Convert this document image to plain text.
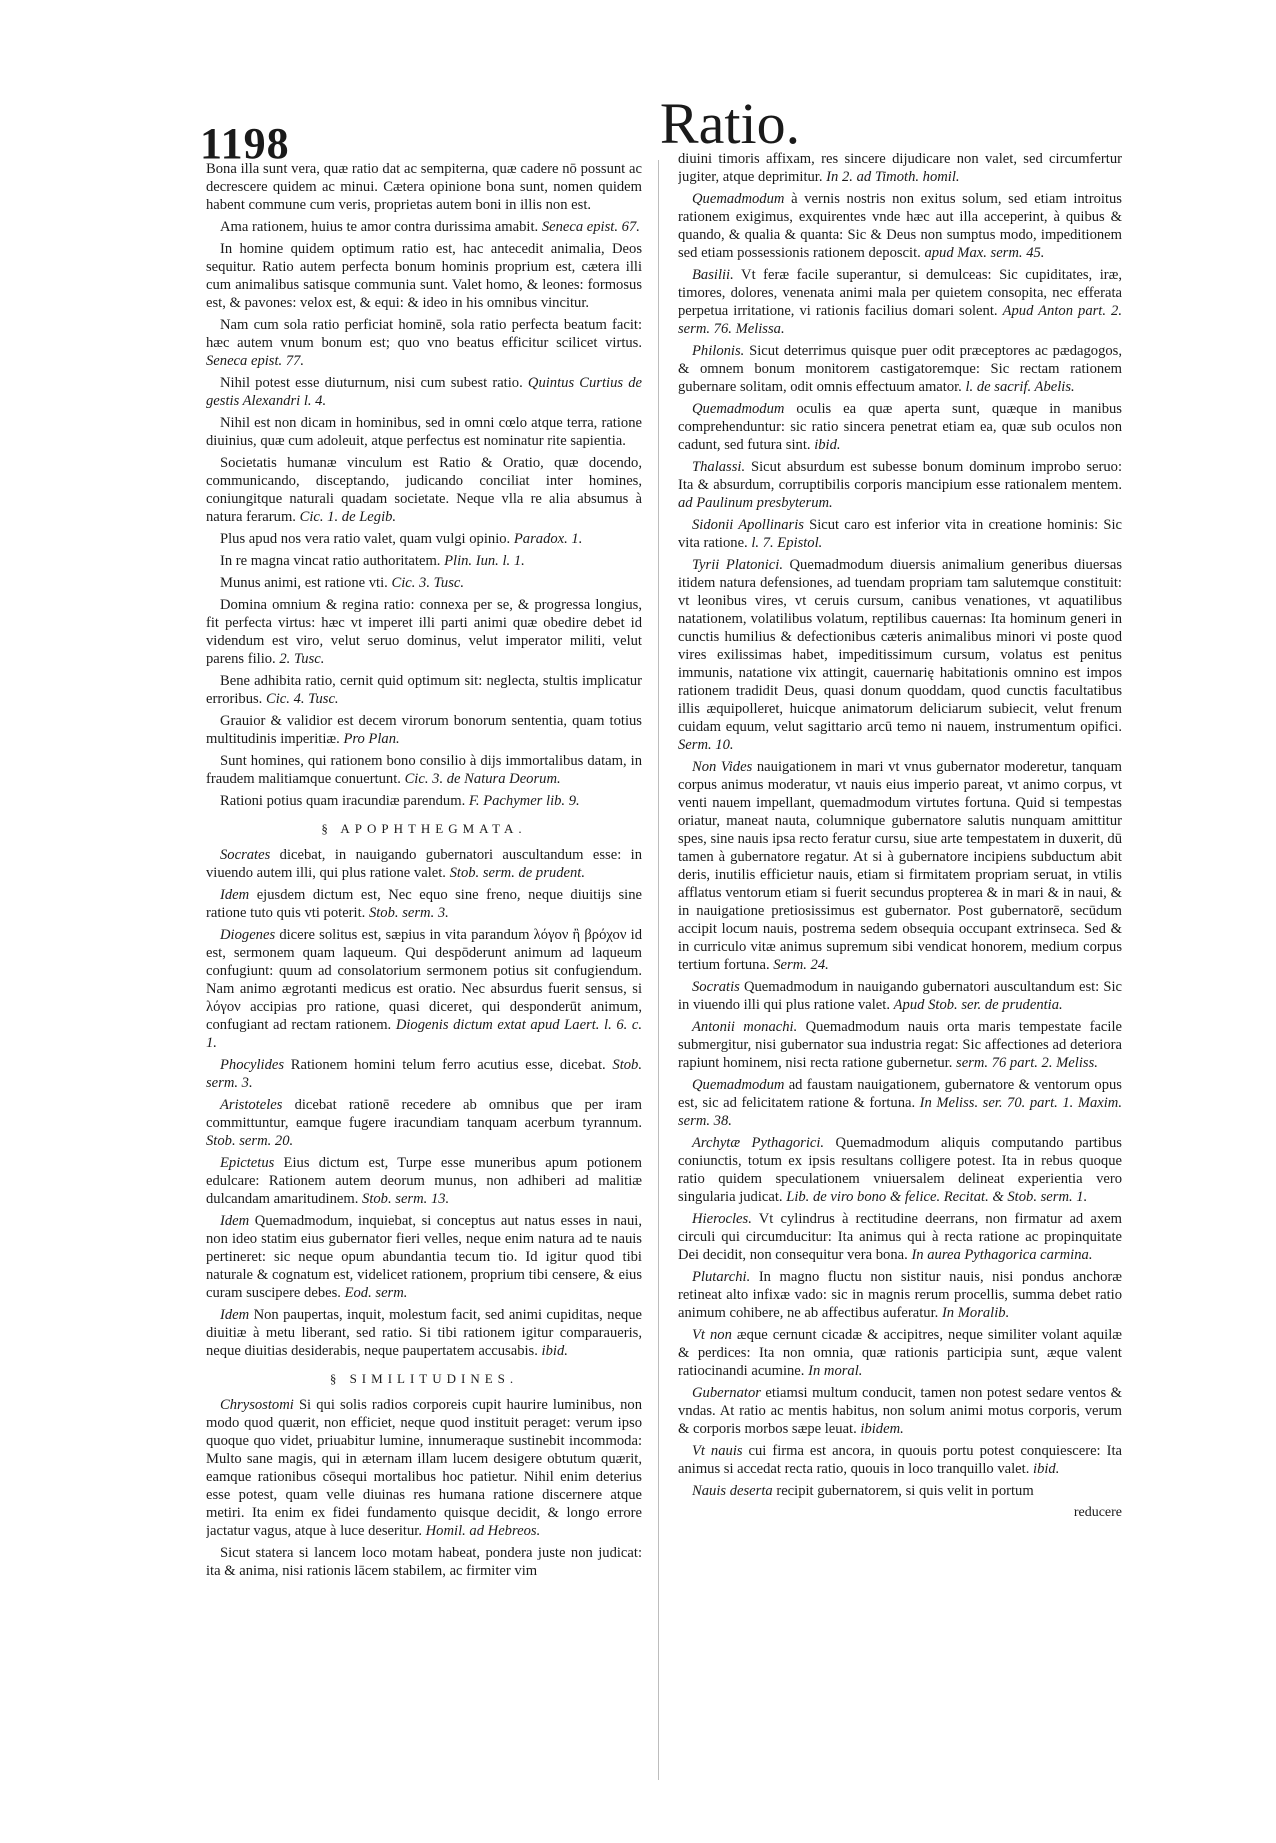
1198	Ratio.

Bona illa sunt vera, quæ ratio dat ac sempiterna, quæ cadere nō possunt ac decrescere quidem ac minui. Cætera opinione bona sunt, nomen quidem habent commune cum veris, proprietas autem boni in illis non est.

Ama rationem, huius te amor contra durissima amabit. Seneca epist. 67.

In homine quidem optimum ratio est, hac antecedit animalia, Deos sequitur. Ratio autem perfecta bonum hominis proprium est, cætera illi cum animalibus satisque communia sunt. Valet homo, & leones: formosus est, & pavones: velox est, & equi: & ideo in his omnibus vincitur.

Nam cum sola ratio perficiat hominē, sola ratio perfecta beatum facit: hæc autem vnum bonum est; quo vno beatus efficitur scilicet virtus. Seneca epist. 77.

Nihil potest esse diuturnum, nisi cum subest ratio. Quintus Curtius de gestis Alexandri l. 4.

Nihil est non dicam in hominibus, sed in omni cœlo atque terra, ratione diuinius, quæ cum adoleuit, atque perfectus est nominatur rite sapientia.

Societatis humanæ vinculum est Ratio & Oratio, quæ docendo, communicando, disceptando, judicando conciliat inter homines, coniungitque naturali quadam societate. Neque vlla re alia absumus à natura ferarum. Cic. 1. de Legib.

Plus apud nos vera ratio valet, quam vulgi opinio. Paradox. 1.

In re magna vincat ratio authoritatem. Plin. Iun. l. 1.

Munus animi, est ratione vti. Cic. 3. Tusc.

Domina omnium & regina ratio: connexa per se, & progressa longius, fit perfecta virtus: hæc vt imperet illi parti animi quæ obedire debet id videndum est viro, velut seruo dominus, velut imperator militi, velut parens filio. 2. Tusc.

Bene adhibita ratio, cernit quid optimum sit: neglecta, stultis implicatur erroribus. Cic. 4. Tusc.

Grauior & validior est decem virorum bonorum sententia, quam totius multitudinis imperitiæ. Pro Plan.

Sunt homines, qui rationem bono consilio à dijs immortalibus datam, in fraudem malitiamque conuertunt. Cic. 3. de Natura Deorum.

Rationi potius quam iracundiæ parendum. F. Pachymer lib. 9.

§ APOPHTHEGMATA.

Socrates dicebat, in nauigando gubernatori auscultandum esse: in viuendo autem illi, qui plus ratione valet. Stob. serm. de prudent.

Idem ejusdem dictum est, Nec equo sine freno, neque diuitijs sine ratione tuto quis vti poterit. Stob. serm. 3.

Diogenes dicere solitus est, sæpius in vita parandum λόγον ἢ βρόχον id est, sermonem quam laqueum. Qui despōderunt animum ad laqueum confugiunt: quum ad consolatorium sermonem potius sit confugiendum. Nam animo ægrotanti medicus est oratio. Nec absurdus fuerit sensus, si λόγον accipias pro ratione, quasi diceret, qui desponderūt animum, confugiant ad rectam rationem. Diogenis dictum extat apud Laert. l. 6. c. 1.

Phocylides Rationem homini telum ferro acutius esse, dicebat. Stob. serm. 3.

Aristoteles dicebat rationē recedere ab omnibus que per iram committuntur, eamque fugere iracundiam tanquam acerbum tyrannum. Stob. serm. 20.

Epictetus Eius dictum est, Turpe esse muneribus apum potionem edulcare: Rationem autem deorum munus, non adhiberi ad malitiæ dulcandam amaritudinem. Stob. serm. 13.

Idem Quemadmodum, inquiebat, si conceptus aut natus esses in naui, non ideo statim eius gubernator fieri velles, neque enim natura ad te nauis pertineret: sic neque opum abundantia tecum tio. Id igitur quod tibi naturale & cognatum est, videlicet rationem, proprium tibi censere, & eius curam suscipere debes. Eod. serm.

Idem Non paupertas, inquit, molestum facit, sed animi cupiditas, neque diuitiæ à metu liberant, sed ratio. Si tibi rationem igitur comparaueris, neque diuitias desiderabis, neque paupertatem accusabis. ibid.

§ SIMILITUDINES.

Chrysostomi Si qui solis radios corporeis cupit haurire luminibus, non modo quod quærit, non efficiet, neque quod instituit peraget: verum ipso quoque quo videt, priuabitur lumine, innumeraque sustinebit incommoda: Multo sane magis, qui in æternam illam lucem desigere obtutum quærit, eamque rationibus cōsequi mortalibus hoc patietur. Nihil enim deterius esse potest, quam velle diuinas res humana ratione discernere atque metiri. Ita enim ex fidei fundamento quisque decidit, & longo errore jactatur vagus, atque à luce deseritur. Homil. ad Hebreos.

Sicut statera si lancem loco motam habeat, pondera juste non judicat: ita & anima, nisi rationis lācem stabilem, ac firmiter vim

diuini timoris affixam, res sincere dijudicare non valet, sed circumfertur jugiter, atque deprimitur. In 2. ad Timoth. homil.

Quemadmodum à vernis nostris non exitus solum, sed etiam introitus rationem exigimus, exquirentes vnde hæc aut illa acceperint, à quibus & quando, & qualia & quanta: Sic & Deus non sumptus modo, impeditionem sed etiam possessionis rationem deposcit. apud Max. serm. 45.

Basilii. Vt feræ facile superantur, si demulceas: Sic cupiditates, iræ, timores, dolores, venenata animi mala per quietem consopita, nec efferata perpetua irritatione, vi rationis facilius domari solent. Apud Anton part. 2. serm. 76. Melissa.

Philonis. Sicut deterrimus quisque puer odit præceptores ac pædagogos, & omnem bonum monitorem castigatoremque: Sic rectam rationem gubernare solitam, odit omnis effectuum amator. l. de sacrif. Abelis.

Quemadmodum oculis ea quæ aperta sunt, quæque in manibus comprehenduntur: sic ratio sincera penetrat etiam ea, quæ sub oculos non cadunt, sed futura sint. ibid.

Thalassi. Sicut absurdum est subesse bonum dominum improbo seruo: Ita & absurdum, corruptibilis corporis mancipium esse rationalem mentem. ad Paulinum presbyterum.

Sidonii Apollinaris Sicut caro est inferior vita in creatione hominis: Sic vita ratione. l. 7. Epistol.

Tyrii Platonici. Quemadmodum diuersis animalium generibus diuersas itidem natura defensiones, ad tuendam propriam tam salutemque constituit: vt leonibus vires, vt ceruis cursum, canibus venationes, vt aquatilibus natationem, volatilibus volatum, reptilibus cauernas: Ita hominum generi in cunctis humilius & defectionibus cæteris animalibus minori vi poste quod vires exilissimas habet, impeditissimum cursum, volatus est penitus immunis, natatione vix attingit, cauernarię habitationis omnino est impos rationem tradidit Deus, quasi donum quoddam, quod cunctis facultatibus illis æquipolleret, huicque animatorum deliciarum subiecit, velut frenum cuidam equum, velut sagittario arcū temo ni nauem, instrumentum opifici. Serm. 10.

Non Vides nauigationem in mari vt vnus gubernator moderetur, tanquam corpus animus moderatur, vt nauis eius imperio pareat, vt animo corpus, vt venti nauem impellant, quemadmodum virtutes fortuna. Quid si tempestas oriatur, maneat nauta, columnique gubernatore salutis nunquam amittitur spes, sine nauis ipsa recto feratur cursu, siue arte tempestatem in duxerit, dū tamen à gubernatore regatur. At si à gubernatore incipiens subductum abit deris, inutilis efficietur nauis, etiam si firmitatem propriam seruat, in vtilis afflatus ventorum etiam si fuerit secundus propterea & in mari & in naui, & in nauigatione pretiosissimus est gubernator. Post gubernatorē, secūdum accipit locum nauis, postrema sedem obsequia occupant extrinseca. Sed & in curriculo vitæ animus supremum sibi vendicat honorem, medium corpus tertium fortuna. Serm. 24.

Socratis Quemadmodum in nauigando gubernatori auscultandum est: Sic in viuendo illi qui plus ratione valet. Apud Stob. ser. de prudentia.

Antonii monachi. Quemadmodum nauis orta maris tempestate facile submergitur, nisi gubernator sua industria regat: Sic affectiones ad deteriora rapiunt hominem, nisi recta ratione gubernetur. serm. 76 part. 2. Meliss.

Quemadmodum ad faustam nauigationem, gubernatore & ventorum opus est, sic ad felicitatem ratione & fortuna. In Meliss. ser. 70. part. 1. Maxim. serm. 38.

Archytæ Pythagorici. Quemadmodum aliquis computando partibus coniunctis, totum ex ipsis resultans colligere potest. Ita in rebus quoque ratio quidem speculationem vniuersalem delineat experientia vero singularia judicat. Lib. de viro bono & felice. Recitat. & Stob. serm. 1.

Hierocles. Vt cylindrus à rectitudine deerrans, non firmatur ad axem circuli qui circumducitur: Ita animus qui à recta ratione ac propinquitate Dei decidit, non consequitur vera bona. In aurea Pythagorica carmina.

Plutarchi. In magno fluctu non sistitur nauis, nisi pondus anchoræ retineat alto infixæ vado: sic in magnis rerum procellis, summa debet ratio animum cohibere, ne ab affectibus auferatur. In Moralib.

Vt non æque cernunt cicadæ & accipitres, neque similiter volant aquilæ & perdices: Ita non omnia, quæ rationis participia sunt, æque valent ratiocinandi acumine. In moral.

Gubernator etiamsi multum conducit, tamen non potest sedare ventos & vndas. At ratio ac mentis habitus, non solum animi motus corporis, verum & corporis morbos sæpe leuat. ibidem.

Vt nauis cui firma est ancora, in quouis portu potest conquiescere: Ita animus si accedat recta ratio, quouis in loco tranquillo valet. ibid.

Nauis deserta recipit gubernatorem, si quis velit in portum

reducere
